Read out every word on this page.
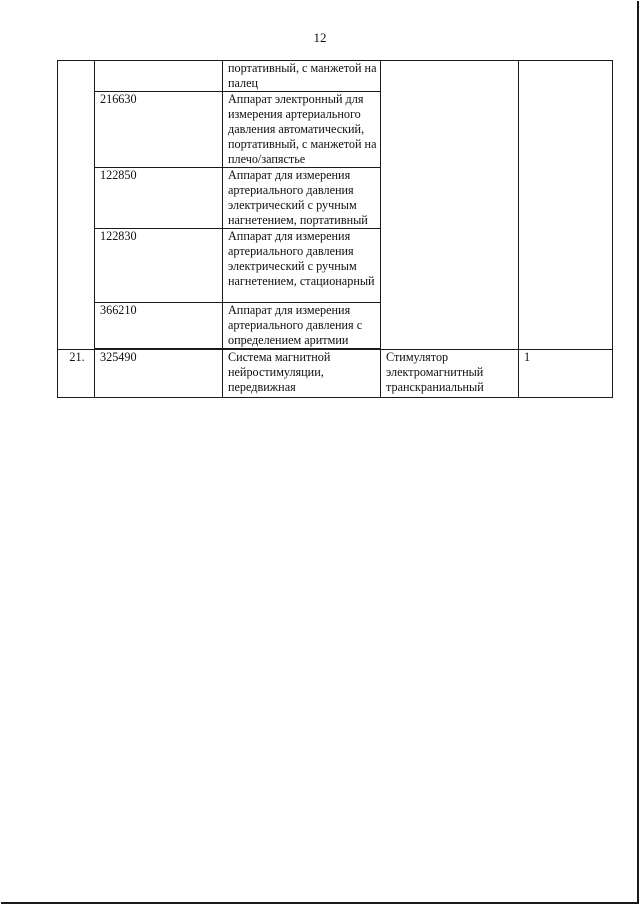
12
		портативный, с манжетой на палец		
	216630	Аппарат электронный для измерения артериального давления автоматический, портативный, с манжетой на плечо/запястье		
	122850	Аппарат для измерения артериального давления электрический с ручным нагнетением, портативный		
	122830	Аппарат для измерения артериального давления электрический с ручным нагнетением, стационарный		
	366210	Аппарат для измерения артериального давления с определением аритмии		

21.	325490	Система магнитной нейростимуляции, передвижная	Стимулятор электромагнитный транскраниальный	1
